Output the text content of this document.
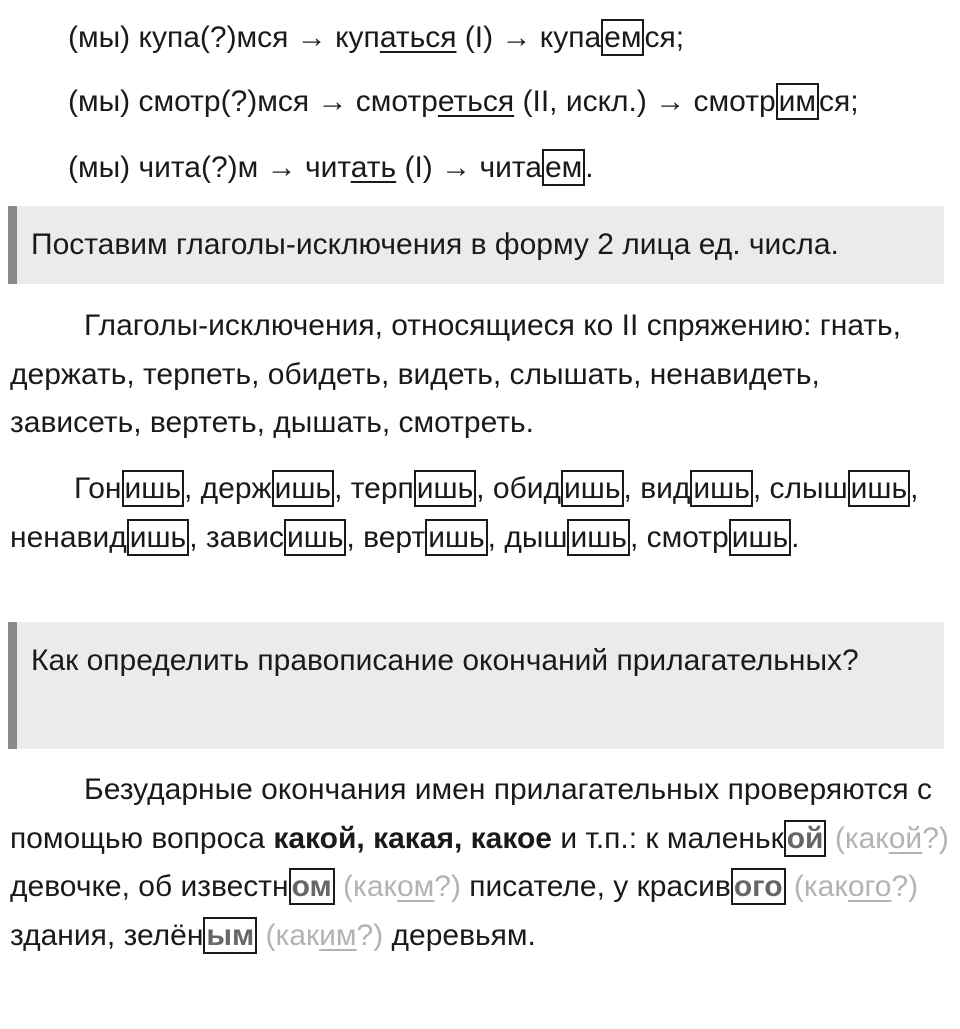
(мы) купа(?)мся → купаться (I) → купа ем ся;
(мы) смотр(?)мся → смотреться (II, искл.) → смотр им ся;
(мы) чита(?)м → читать (I) → чита ем .
Поставим глаголы-исключения в форму 2 лица ед. числа.
Глаголы-исключения, относящиеся ко II спряжению: гнать, держать, терпеть, обидеть, видеть, слышать, ненавидеть, зависеть, вертеть, дышать, смотреть.
Гон ишь , держ ишь , терп ишь , обид ишь , вид ишь , слыш ишь , ненавид ишь , завис ишь , верт ишь , дыш ишь , смотр ишь .
Как определить правописание окончаний прилагательных?
Безударные окончания имен прилагательных проверяются с помощью вопроса какой, какая, какое и т.п.: к маленьк ой (какой?) девочке, об известн ом (каком?) писателе, у красив ого (какого?) здания, зелён ым (каким?) деревьям.
